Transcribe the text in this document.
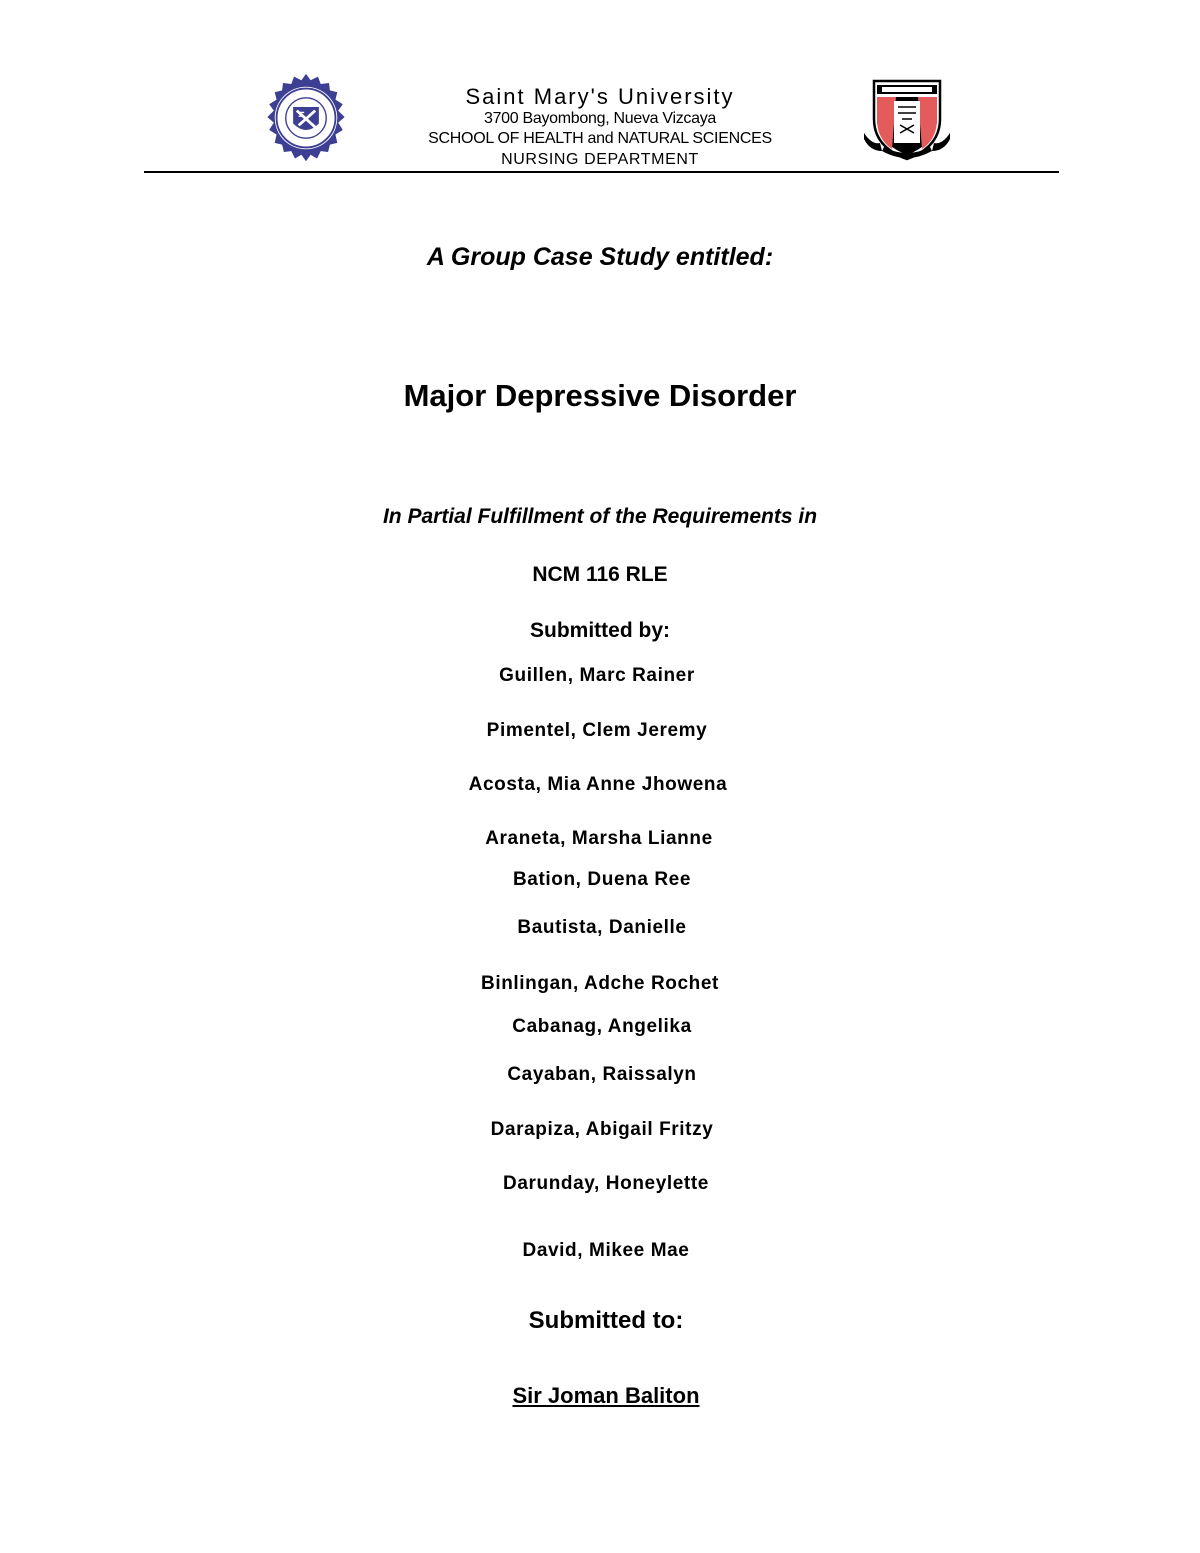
Saint Mary's University
3700 Bayombong, Nueva Vizcaya
SCHOOL OF HEALTH and NATURAL SCIENCES
NURSING DEPARTMENT
A Group Case Study entitled:
Major Depressive Disorder
In Partial Fulfillment of the Requirements in
NCM 116 RLE
Submitted by:
Guillen, Marc Rainer
Pimentel, Clem Jeremy
Acosta, Mia Anne Jhowena
Araneta, Marsha Lianne
Bation, Duena Ree
Bautista, Danielle
Binlingan, Adche Rochet
Cabanag, Angelika
Cayaban, Raissalyn
Darapiza, Abigail Fritzy
Darunday, Honeylette
David, Mikee Mae
Submitted to:
Sir Joman Baliton
